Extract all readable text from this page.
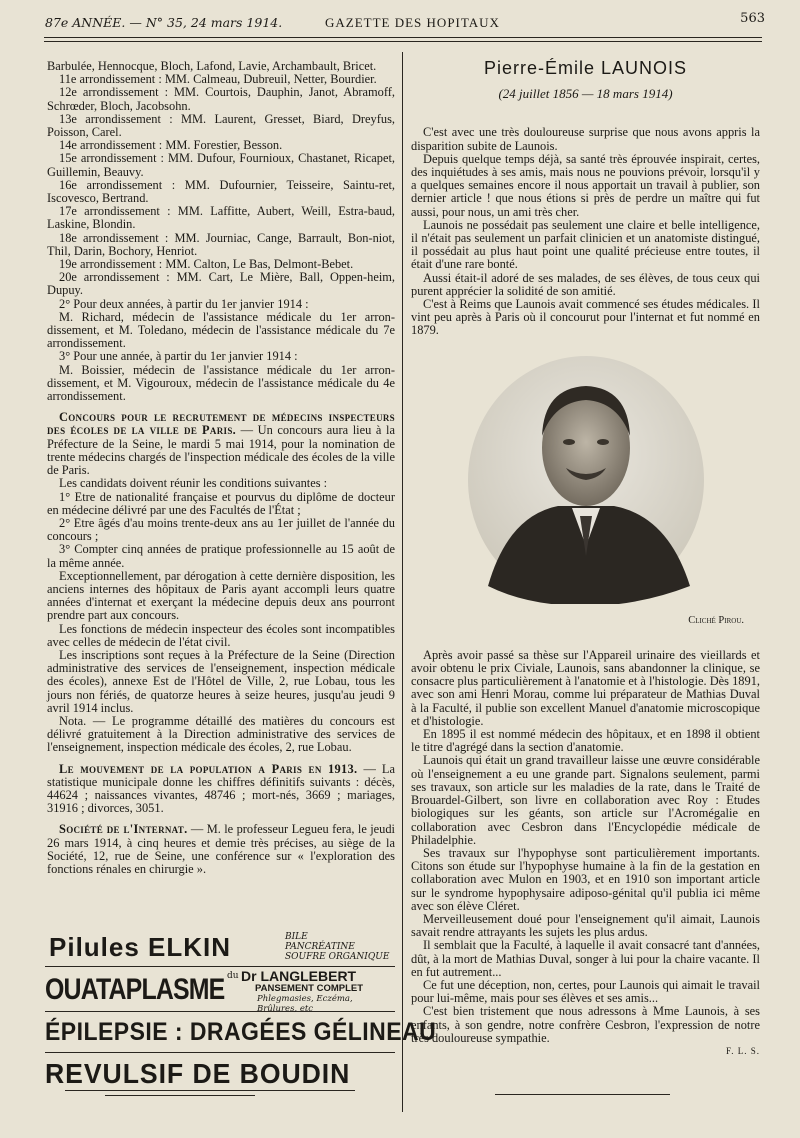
87e ANNÉE. — N° 35, 24 mars 1914.	GAZETTE DES HOPITAUX	563

Barbulée, Hennocque, Bloch, Lafond, Lavie, Archambault, Bricet.

11e arrondissement : MM. Calmeau, Dubreuil, Netter, Bourdier.

12e arrondissement : MM. Courtois, Dauphin, Janot, Abramoff, Schrœder, Bloch, Jacobsohn.

13e arrondissement : MM. Laurent, Gresset, Biard, Dreyfus, Poisson, Carel.

14e arrondissement : MM. Forestier, Besson.

15e arrondissement : MM. Dufour, Fournioux, Chastanet, Ricapet, Guillemin, Beauvy.

16e arrondissement : MM. Dufournier, Teisseire, Saintu-ret, Iscovesco, Bertrand.

17e arrondissement : MM. Laffitte, Aubert, Weill, Estra-baud, Laskine, Blondin.

18e arrondissement : MM. Journiac, Cange, Barrault, Bon-niot, Thil, Darin, Bochory, Henriot.

19e arrondissement : MM. Calton, Le Bas, Delmont-Bebet.

20e arrondissement : MM. Cart, Le Mière, Ball, Oppen-heim, Dupuy.

2° Pour deux années, à partir du 1er janvier 1914 :

M. Richard, médecin de l'assistance médicale du 1er arron-dissement, et M. Toledano, médecin de l'assistance médicale du 7e arrondissement.

3° Pour une année, à partir du 1er janvier 1914 :

M. Boissier, médecin de l'assistance médicale du 1er arron-dissement, et M. Vigouroux, médecin de l'assistance médicale du 4e arrondissement.

Concours pour le recrutement de médecins inspecteurs des écoles de la ville de Paris. — Un concours aura lieu à la Préfecture de la Seine, le mardi 5 mai 1914, pour la nomination de trente médecins chargés de l'inspection médicale des écoles de la ville de Paris.

Les candidats doivent réunir les conditions suivantes :

1° Etre de nationalité française et pourvus du diplôme de docteur en médecine délivré par une des Facultés de l'État ;

2° Etre âgés d'au moins trente-deux ans au 1er juillet de l'année du concours ;

3° Compter cinq années de pratique professionnelle au 15 août de la même année.

Exceptionnellement, par dérogation à cette dernière disposition, les anciens internes des hôpitaux de Paris ayant accompli leurs quatre années d'internat et exerçant la médecine depuis deux ans pourront prendre part aux concours.

Les fonctions de médecin inspecteur des écoles sont incompatibles avec celles de médecin de l'état civil.

Les inscriptions sont reçues à la Préfecture de la Seine (Direction administrative des services de l'enseignement, inspection médicale des écoles), annexe Est de l'Hôtel de Ville, 2, rue Lobau, tous les jours non fériés, de quatorze heures à seize heures, jusqu'au jeudi 9 avril 1914 inclus.

Nota. — Le programme détaillé des matières du concours est délivré gratuitement à la Direction administrative des services de l'enseignement, inspection médicale des écoles, 2, rue Lobau.

Le mouvement de la population a Paris en 1913. — La statistique municipale donne les chiffres définitifs suivants : décès, 44624 ; naissances vivantes, 48746 ; mort-nés, 3669 ; mariages, 31916 ; divorces, 3051.

Société de l'Internat. — M. le professeur Legueu fera, le jeudi 26 mars 1914, à cinq heures et demie très précises, au siège de la Société, 12, rue de Seine, une conférence sur « l'exploration des fonctions rénales en chirurgie ».

Pilules ELKIN	BILE
PANCRÉATINE
SOUFRE ORGANIQUE
OUATAPLASME du Dr LANGLEBERT
PANSEMENT COMPLET
Phlegmasies, Eczéma, Brûlures, etc
ÉPILEPSIE : DRAGÉES GÉLINEAU
REVULSIF DE BOUDIN
Pierre-Émile LAUNOIS
(24 juillet 1856 — 18 mars 1914)

C'est avec une très douloureuse surprise que nous avons appris la disparition subite de Launois.

Depuis quelque temps déjà, sa santé très éprouvée inspirait, certes, des inquiétudes à ses amis, mais nous ne pouvions prévoir, lorsqu'il y a quelques semaines encore il nous apportait un travail à publier, son dernier article ! que nous étions si près de perdre un maître qui fut aussi, pour nous, un ami très cher.

Launois ne possédait pas seulement une claire et belle intelligence, il n'était pas seulement un parfait clinicien et un anatomiste distingué, il possédait au plus haut point une qualité précieuse entre toutes, il était d'une rare bonté.

Aussi était-il adoré de ses malades, de ses élèves, de tous ceux qui purent apprécier la solidité de son amitié.

C'est à Reims que Launois avait commencé ses études médicales. Il vint peu après à Paris où il concourut pour l'internat et fut nommé en 1879.

Cliché Pirou.

Après avoir passé sa thèse sur l'Appareil urinaire des vieillards et avoir obtenu le prix Civiale, Launois, sans abandonner la clinique, se consacre plus particulièrement à l'anatomie et à l'histologie. Dès 1891, avec son ami Henri Morau, comme lui préparateur de Mathias Duval à la Faculté, il publie son excellent Manuel d'anatomie microscopique et d'histologie.

En 1895 il est nommé médecin des hôpitaux, et en 1898 il obtient le titre d'agrégé dans la section d'anatomie.

Launois qui était un grand travailleur laisse une œuvre considérable où l'enseignement a eu une grande part. Signalons seulement, parmi ses travaux, son article sur les maladies de la rate, dans le Traité de Brouardel-Gilbert, son livre en collaboration avec Roy : Etudes biologiques sur les géants, son article sur l'Acromégalie en collaboration avec Cesbron dans l'Encyclopédie médicale de Philadelphie.

Ses travaux sur l'hypophyse sont particulièrement importants. Citons son étude sur l'hypophyse humaine à la fin de la gestation en collaboration avec Mulon en 1903, et en 1910 son important article sur le syndrome hypophysaire adiposo-génital qu'il publia ici même avec son élève Cléret.

Merveilleusement doué pour l'enseignement qu'il aimait, Launois savait rendre attrayants les sujets les plus ardus.

Il semblait que la Faculté, à laquelle il avait consacré tant d'années, dût, à la mort de Mathias Duval, songer à lui pour la chaire vacante. Il en fut autrement...

Ce fut une déception, non, certes, pour Launois qui aimait le travail pour lui-même, mais pour ses élèves et ses amis...

C'est bien tristement que nous adressons à Mme Launois, à ses enfants, à son gendre, notre confrère Cesbron, l'expression de notre très douloureuse sympathie.

F. L. S.
